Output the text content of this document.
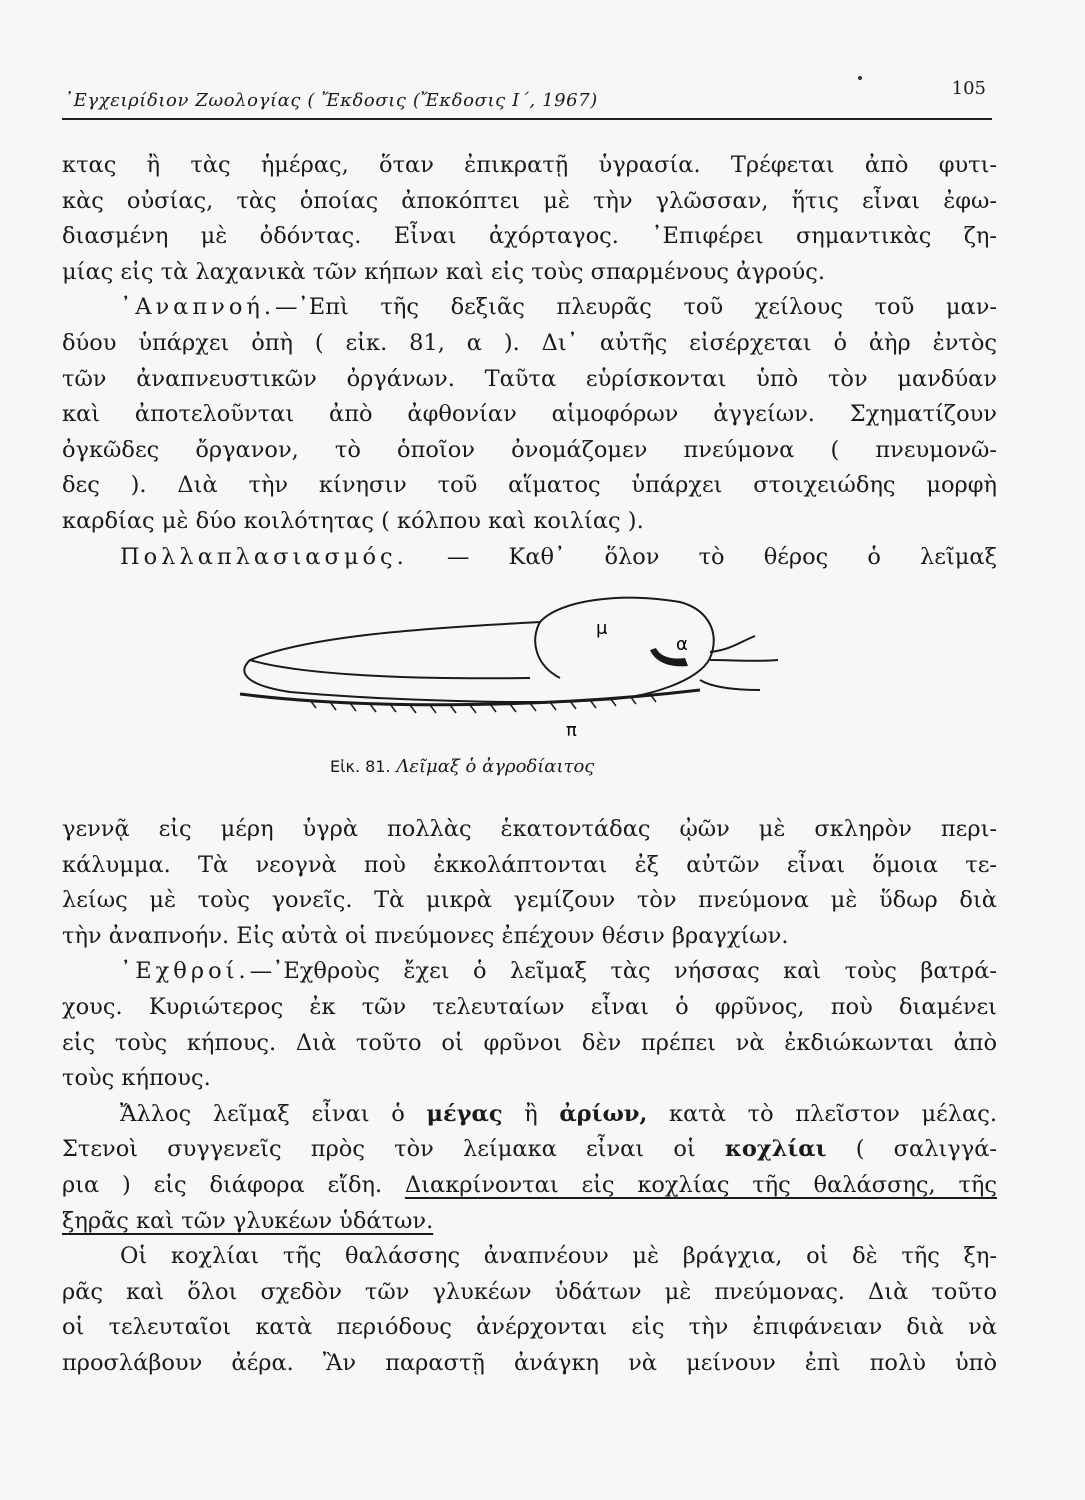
᾿Εγχειρίδιον Ζωολογίας ( Ἔκδοσις (Ἔκδοσις Ι΄, 1967)
105

κτας ἢ τὰς ἡμέρας, ὅταν ἐπικρατῇ ὑγρασία. Τρέφεται ἀπὸ φυτι-
κὰς οὐσίας, τὰς ὁποίας ἀποκόπτει μὲ τὴν γλῶσσαν, ἥτις εἶναι ἐφω-
διασμένη μὲ ὀδόντας. Εἶναι ἀχόρταγος. ᾿Επιφέρει σημαντικὰς ζη-
μίας εἰς τὰ λαχανικὰ τῶν κήπων καὶ εἰς τοὺς σπαρμένους ἀγρούς.

᾿Αναπνοή.—᾿Επὶ τῆς δεξιᾶς πλευρᾶς τοῦ χείλους τοῦ μαν-
δύου ὑπάρχει ὀπὴ ( εἰκ. 81, α ). Δι᾿ αὐτῆς εἰσέρχεται ὁ ἀὴρ ἐντὸς
τῶν ἀναπνευστικῶν ὀργάνων. Ταῦτα εὑρίσκονται ὑπὸ τὸν μανδύαν
καὶ ἀποτελοῦνται ἀπὸ ἀφθονίαν αἱμοφόρων ἀγγείων. Σχηματίζουν
ὀγκῶδες ὄργανον, τὸ ὁποῖον ὀνομάζομεν πνεύμονα ( πνευμονῶ-
δες ). Διὰ τὴν κίνησιν τοῦ αἵματος ὑπάρχει στοιχειώδης μορφὴ
καρδίας μὲ δύο κοιλότητας ( κόλπου καὶ κοιλίας ).

Πολλαπλασιασμός. — Καθ᾿ ὅλον τὸ θέρος ὁ λεῖμαξ

μ
α
π
Εἰκ. 81. Λεῖμαξ ὁ ἀγροδίαιτος

γεννᾷ εἰς μέρη ὑγρὰ πολλὰς ἑκατοντάδας ᾠῶν μὲ σκληρὸν περι-
κάλυμμα. Τὰ νεογνὰ ποὺ ἐκκολάπτονται ἐξ αὐτῶν εἶναι ὅμοια τε-
λείως μὲ τοὺς γονεῖς. Τὰ μικρὰ γεμίζουν τὸν πνεύμονα μὲ ὕδωρ διὰ
τὴν ἀναπνοήν. Εἰς αὐτὰ οἱ πνεύμονες ἐπέχουν θέσιν βραγχίων.

᾿Εχθροί.—᾿Εχθροὺς ἔχει ὁ λεῖμαξ τὰς νήσσας καὶ τοὺς βατρά-
χους. Κυριώτερος ἐκ τῶν τελευταίων εἶναι ὁ φρῦνος, ποὺ διαμένει
εἰς τοὺς κήπους. Διὰ τοῦτο οἱ φρῦνοι δὲν πρέπει νὰ ἐκδιώκωνται ἀπὸ
τοὺς κήπους.

Ἄλλος λεῖμαξ εἶναι ὁ μέγας ἢ ἀρίων, κατὰ τὸ πλεῖστον μέλας.
Στενοὶ συγγενεῖς πρὸς τὸν λείμακα εἶναι οἱ κοχλίαι ( σαλιγγά-
ρια ) εἰς διάφορα εἴδη. Διακρίνονται εἰς κοχλίας τῆς θαλάσσης, τῆς
ξηρᾶς καὶ τῶν γλυκέων ὑδάτων.

Οἱ κοχλίαι τῆς θαλάσσης ἀναπνέουν μὲ βράγχια, οἱ δὲ τῆς ξη-
ρᾶς καὶ ὅλοι σχεδὸν τῶν γλυκέων ὑδάτων μὲ πνεύμονας. Διὰ τοῦτο
οἱ τελευταῖοι κατὰ περιόδους ἀνέρχονται εἰς τὴν ἐπιφάνειαν διὰ νὰ
προσλάβουν ἀέρα. Ἂν παραστῇ ἀνάγκη νὰ μείνουν ἐπὶ πολὺ ὑπὸ
